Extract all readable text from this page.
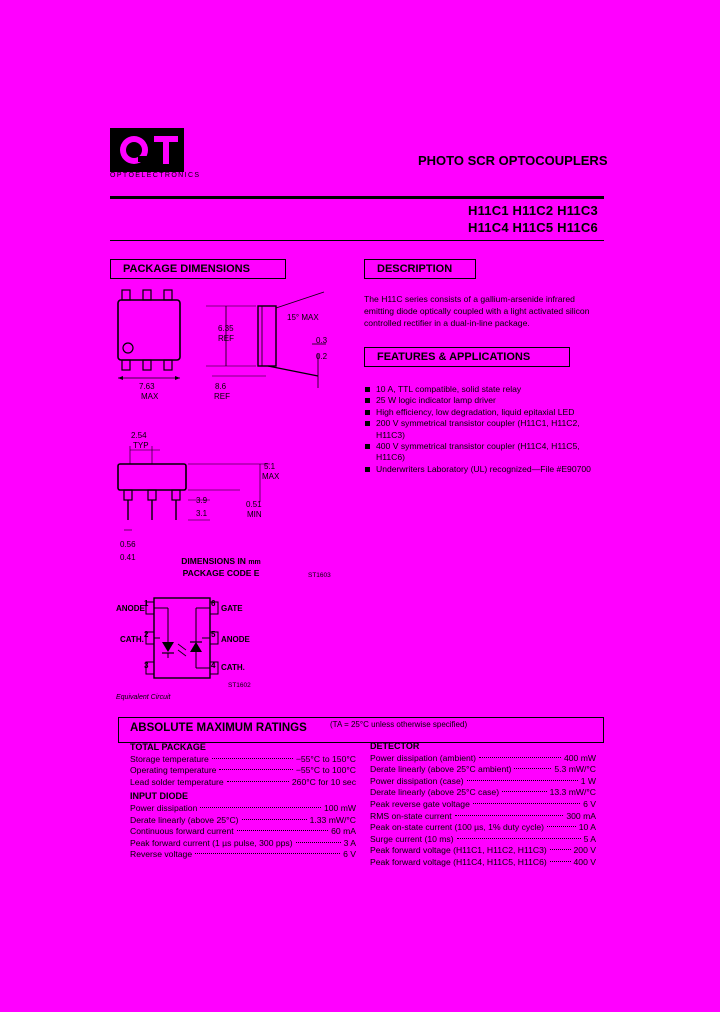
OPTOELECTRONICS
PHOTO SCR OPTOCOUPLERS
H11C1 H11C2 H11C3
H11C4 H11C5 H11C6
PACKAGE DIMENSIONS	DESCRIPTION
FEATURES & APPLICATIONS
The H11C series consists of a gallium-arsenide infrared emitting diode optically coupled with a light activated silicon controlled rectifier in a dual-in-line package.
10 A, TTL compatible, solid state relay
25 W logic indicator lamp driver
High efficiency, low degradation, liquid epitaxial LED
200 V symmetrical transistor coupler (H11C1, H11C2, H11C3)
400 V symmetrical transistor coupler (H11C4, H11C5, H11C6)
Underwriters Laboratory (UL) recognized—File #E90700
7.63
MAX
15° MAX
6.35
REF	0.3
0.2
8.6
REF
2.54
TYP
5.1
MAX
3.9
3.1
0.51
MIN
0.56
0.41	DIMENSIONS IN mm
PACKAGE CODE E	ST1603
ANODE
CATH.
GATE
ANODE
CATH.
1
2
3
6
5
4
ST1602
Equivalent Circuit
ABSOLUTE MAXIMUM RATINGS	(TA = 25°C unless otherwise specified)
TOTAL PACKAGE
Storage temperature	−55°C to 150°C
Operating temperature	−55°C to 100°C
Lead solder temperature	260°C for 10 sec
INPUT DIODE
Power dissipation	100 mW
Derate linearly (above 25°C)	1.33 mW/°C
Continuous forward current	60 mA
Peak forward current (1 µs pulse, 300 pps)	3 A
Reverse voltage	6 V
DETECTOR
Power dissipation (ambient)	400 mW
Derate linearly (above 25°C ambient)	5.3 mW/°C
Power dissipation (case)	1 W
Derate linearly (above 25°C case)	13.3 mW/°C
Peak reverse gate voltage	6 V
RMS on-state current	300 mA
Peak on-state current (100 µs, 1% duty cycle)	10 A
Surge current (10 ms)	5 A
Peak forward voltage (H11C1, H11C2, H11C3)	200 V
Peak forward voltage (H11C4, H11C5, H11C6)	400 V
